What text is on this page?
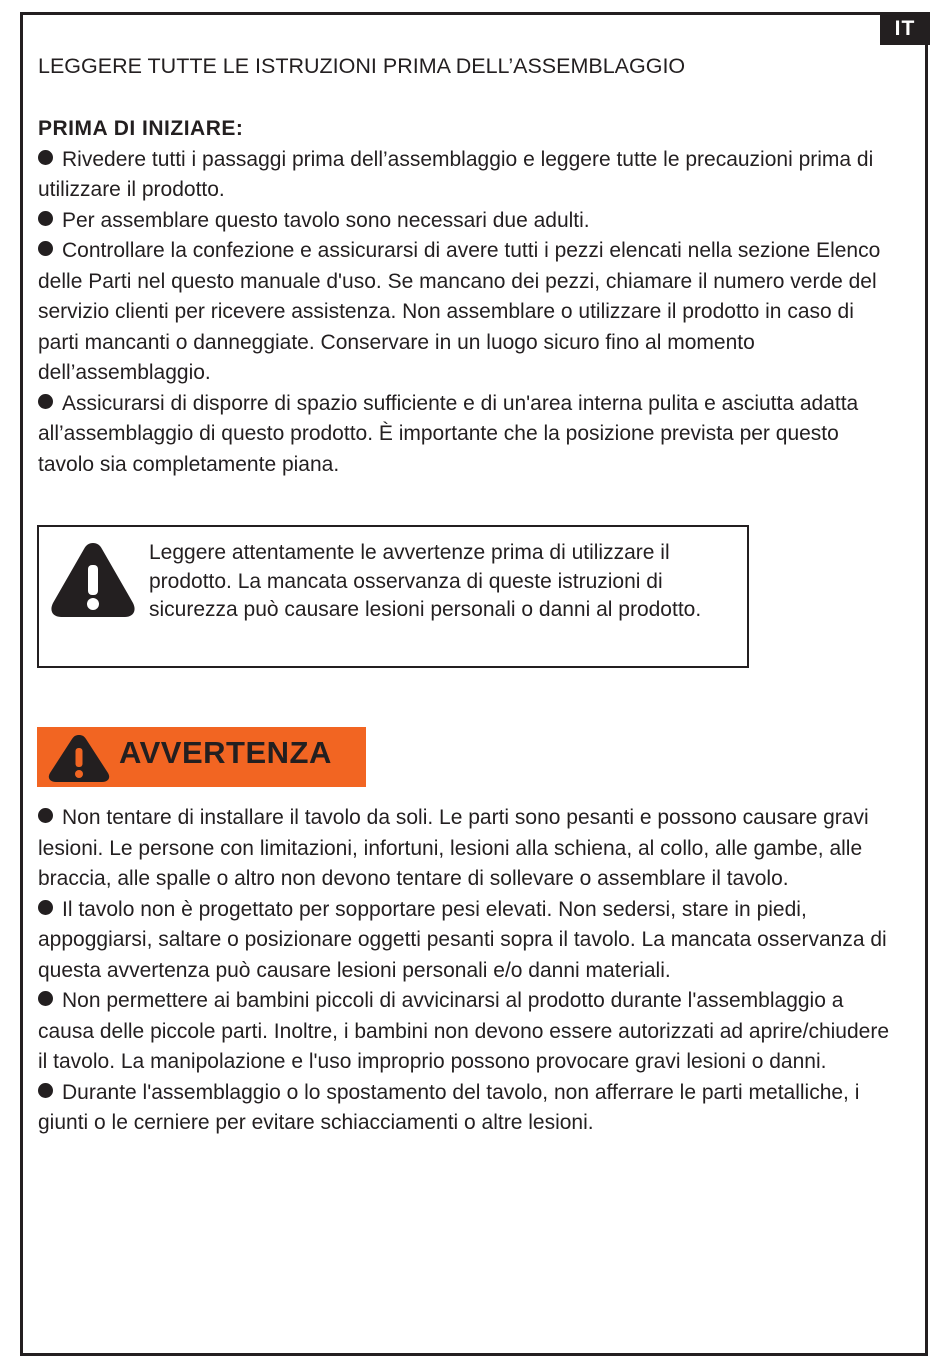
IT
LEGGERE TUTTE LE ISTRUZIONI PRIMA DELL’ASSEMBLAGGIO
PRIMA DI INIZIARE:
Rivedere tutti i passaggi prima dell’assemblaggio e leggere tutte le precauzioni prima di utilizzare il prodotto.
Per assemblare questo tavolo sono necessari due adulti.
Controllare la confezione e assicurarsi di avere tutti i pezzi elencati nella sezione Elenco delle Parti nel questo manuale d'uso. Se mancano dei pezzi, chiamare il numero verde del servizio clienti per ricevere assistenza. Non assemblare o utilizzare il prodotto in caso di parti mancanti o danneggiate. Conservare in un luogo sicuro fino al momento dell’assemblaggio.
Assicurarsi di disporre di spazio sufficiente e di un'area interna pulita e asciutta adatta all’assemblaggio di questo prodotto. È importante che la posizione prevista per questo tavolo sia completamente piana.

Leggere attentamente le avvertenze prima di utilizzare il prodotto. La mancata osservanza di queste istruzioni di sicurezza può causare lesioni personali o danni al prodotto.

AVVERTENZA
Non tentare di installare il tavolo da soli. Le parti sono pesanti e possono causare gravi lesioni. Le persone con limitazioni, infortuni, lesioni alla schiena, al collo, alle gambe, alle braccia, alle spalle o altro non devono tentare di sollevare o assemblare il tavolo.
Il tavolo non è progettato per sopportare pesi elevati. Non sedersi, stare in piedi, appoggiarsi, saltare o posizionare oggetti pesanti sopra il tavolo. La mancata osservanza di questa avvertenza può causare lesioni personali e/o danni materiali.
Non permettere ai bambini piccoli di avvicinarsi al prodotto durante l'assemblaggio a causa delle piccole parti. Inoltre, i bambini non devono essere autorizzati ad aprire/chiudere il tavolo. La manipolazione e l'uso improprio possono provocare gravi lesioni o danni.
Durante l'assemblaggio o lo spostamento del tavolo, non afferrare le parti metalliche, i giunti o le cerniere per evitare schiacciamenti o altre lesioni.
